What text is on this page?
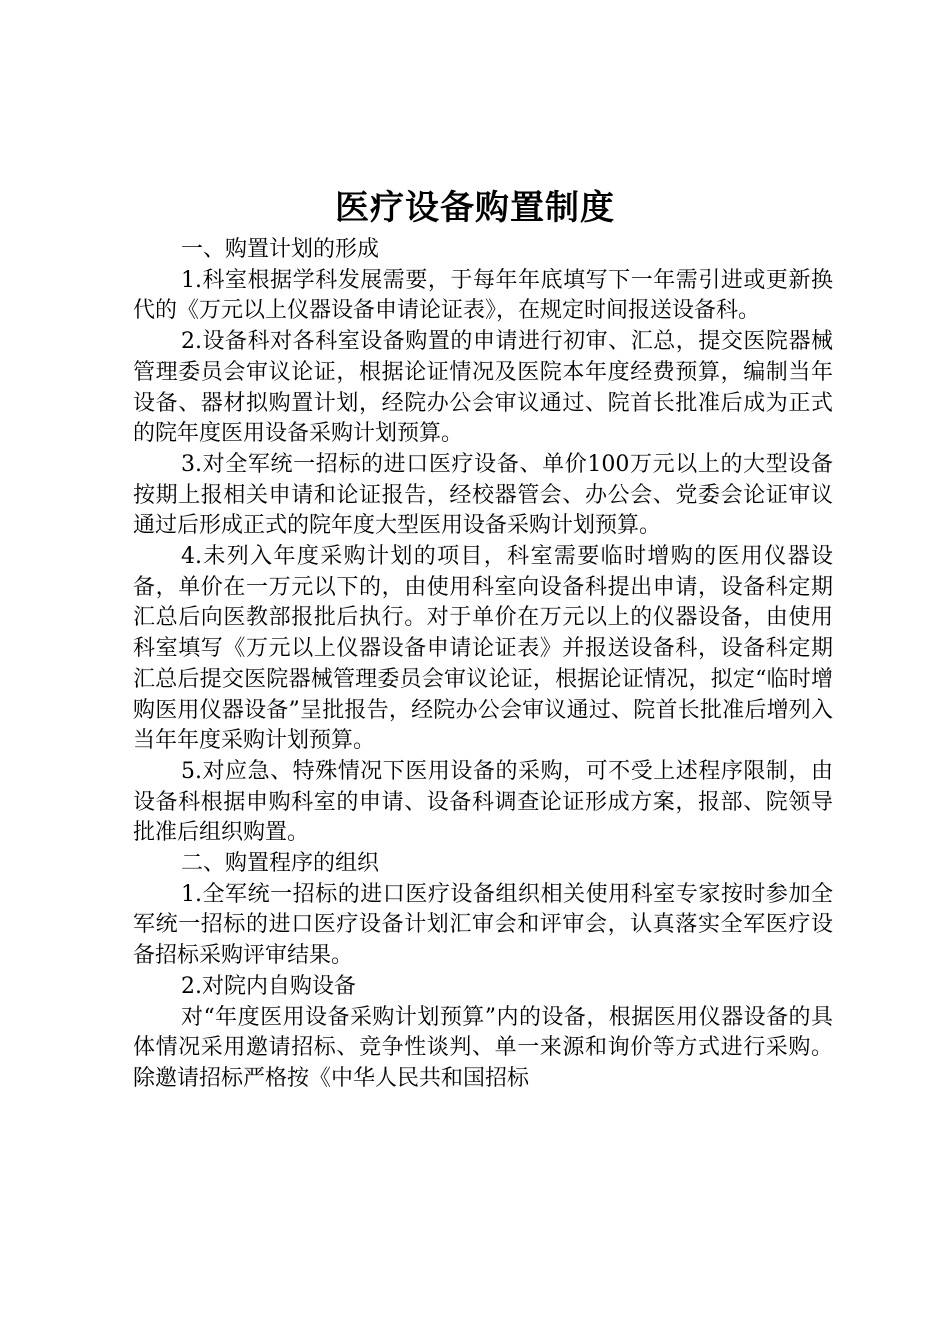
医疗设备购置制度

一、购置计划的形成

1.科室根据学科发展需要，于每年年底填写下一年需引进或更新换代的《万元以上仪器设备申请论证表》，在规定时间报送设备科。

2.设备科对各科室设备购置的申请进行初审、汇总，提交医院器械管理委员会审议论证，根据论证情况及医院本年度经费预算，编制当年设备、器材拟购置计划，经院办公会审议通过、院首长批准后成为正式的院年度医用设备采购计划预算。

3.对全军统一招标的进口医疗设备、单价100万元以上的大型设备按期上报相关申请和论证报告，经校器管会、办公会、党委会论证审议通过后形成正式的院年度大型医用设备采购计划预算。

4.未列入年度采购计划的项目，科室需要临时增购的医用仪器设备，单价在一万元以下的，由使用科室向设备科提出申请，设备科定期汇总后向医教部报批后执行。对于单价在万元以上的仪器设备，由使用科室填写《万元以上仪器设备申请论证表》并报送设备科，设备科定期汇总后提交医院器械管理委员会审议论证，根据论证情况，拟定“临时增购医用仪器设备”呈批报告，经院办公会审议通过、院首长批准后增列入当年年度采购计划预算。

5.对应急、特殊情况下医用设备的采购，可不受上述程序限制，由设备科根据申购科室的申请、设备科调查论证形成方案，报部、院领导批准后组织购置。

二、购置程序的组织

1.全军统一招标的进口医疗设备组织相关使用科室专家按时参加全军统一招标的进口医疗设备计划汇审会和评审会，认真落实全军医疗设备招标采购评审结果。

2.对院内自购设备

对“年度医用设备采购计划预算”内的设备，根据医用仪器设备的具体情况采用邀请招标、竞争性谈判、单一来源和询价等方式进行采购。除邀请招标严格按《中华人民共和国招标
